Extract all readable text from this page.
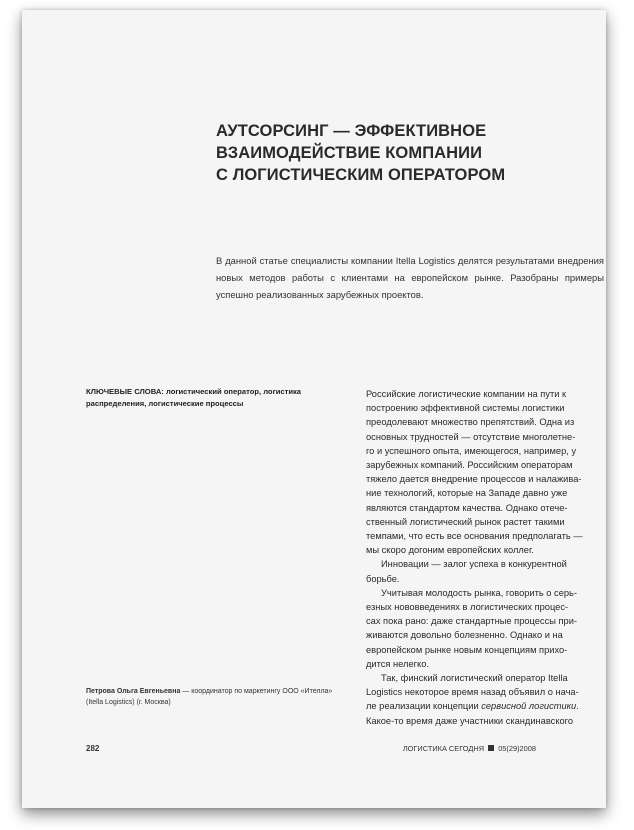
АУТСОРСИНГ — ЭФФЕКТИВНОЕ
ВЗАИМОДЕЙСТВИЕ КОМПАНИИ
С ЛОГИСТИЧЕСКИМ ОПЕРАТОРОМ

В данной статье специалисты компании Itella Logistics делятся результатами внедрения новых методов работы с клиентами на европейском рынке. Разобраны примеры успешно реализованных зарубежных проектов.

КЛЮЧЕВЫЕ СЛОВА: логистический оператор, логистика распределения, логистические процессы
Петрова Ольга Евгеньевна — координатор по маркетингу ООО «Ителла» (Itella Logistics) (г. Москва)
Российские логистические компании на пути к
построению эффективной системы логистики
преодолевают множество препятствий. Одна из
основных трудностей — отсутствие многолетне-
го и успешного опыта, имеющегося, например, у
зарубежных компаний. Российским операторам
тяжело дается внедрение процессов и налажива-
ние технологий, которые на Западе давно уже
являются стандартом качества. Однако отече-
ственный логистический рынок растет такими
темпами, что есть все основания предполагать —
мы скоро догоним европейских коллег.
Инновации — залог успеха в конкурентной
борьбе.
Учитывая молодость рынка, говорить о серь-
езных нововведениях в логистических процес-
сах пока рано: даже стандартные процессы при-
живаются довольно болезненно. Однако и на
европейском рынке новым концепциям прихо-
дится нелегко.
Так, финский логистический оператор Itella
Logistics некоторое время назад объявил о нача-
ле реализации концепции сервисной логистики.
Какое-то время даже участники скандинавского
282	ЛОГИСТИКА СЕГОДНЯ 05(29)2008
